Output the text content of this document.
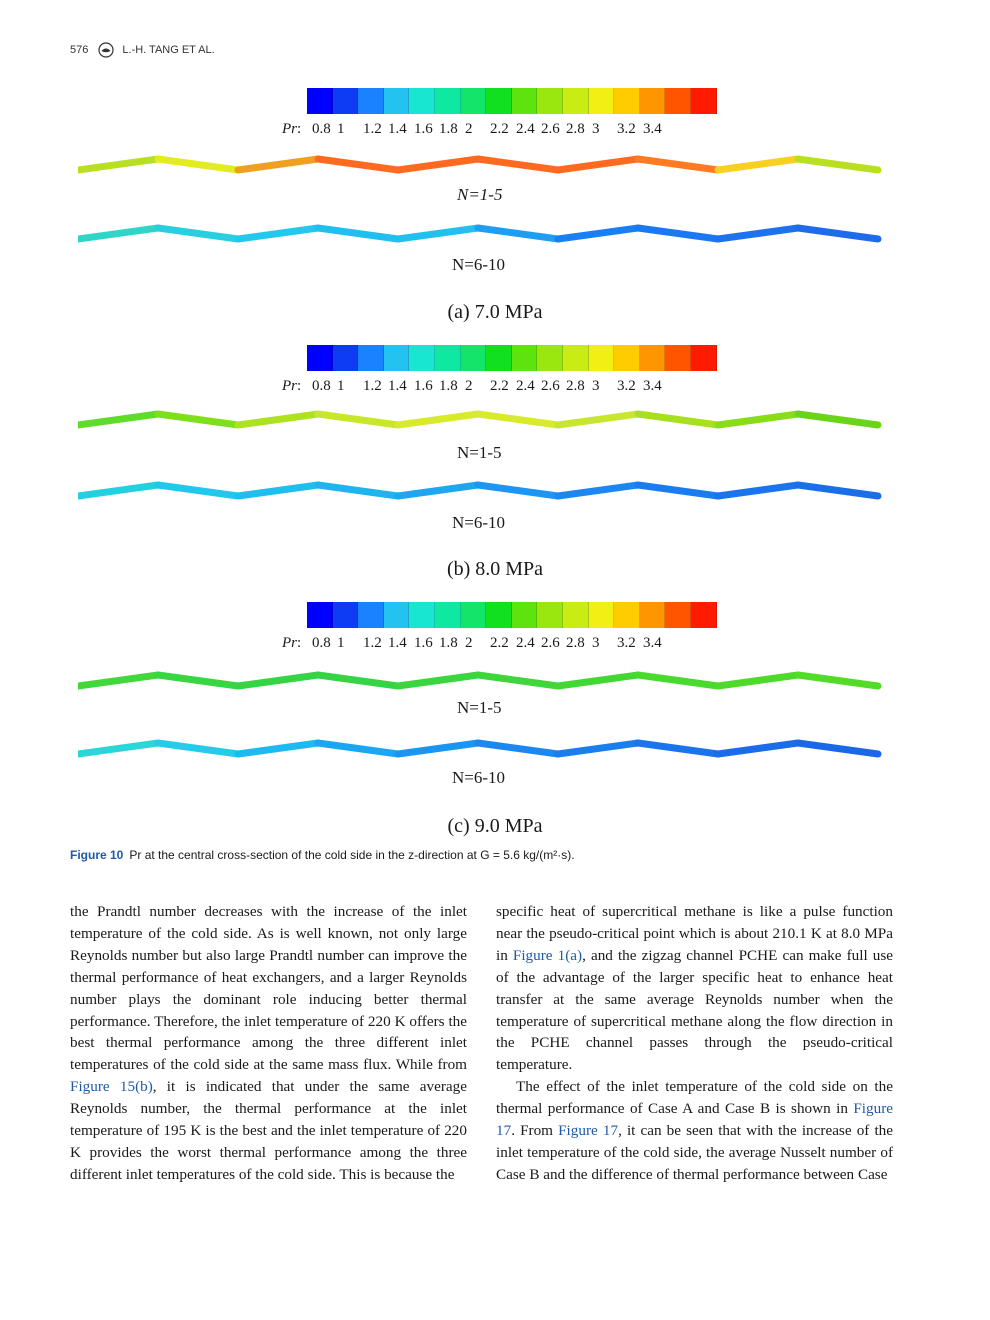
576	L.-H. TANG ET AL.
Pr: 0.8 1 1.2 1.4 1.6 1.8 2 2.2 2.4 2.6 2.8 3 3.2 3.4
N=1-5
N=6-10
(a) 7.0 MPa
Pr: 0.8 1 1.2 1.4 1.6 1.8 2 2.2 2.4 2.6 2.8 3 3.2 3.4
N=1-5
N=6-10
(b) 8.0 MPa
Pr: 0.8 1 1.2 1.4 1.6 1.8 2 2.2 2.4 2.6 2.8 3 3.2 3.4
N=1-5
N=6-10
(c) 9.0 MPa
Figure 10 Pr at the central cross-section of the cold side in the z-direction at G = 5.6 kg/(m²·s).

the Prandtl number decreases with the increase of the inlet temperature of the cold side. As is well known, not only large Reynolds number but also large Prandtl number can improve the thermal performance of heat exchangers, and a larger Reynolds number plays the dominant role inducing better thermal performance. Therefore, the inlet temperature of 220 K offers the best thermal performance among the three different inlet temperatures of the cold side at the same mass flux. While from Figure 15(b), it is indicated that under the same average Reynolds number, the thermal performance at the inlet temperature of 195 K is the best and the inlet temperature of 220 K provides the worst thermal performance among the three different inlet temperatures of the cold side. This is because the

specific heat of supercritical methane is like a pulse function near the pseudo-critical point which is about 210.1 K at 8.0 MPa in Figure 1(a), and the zigzag channel PCHE can make full use of the advantage of the larger specific heat to enhance heat transfer at the same average Reynolds number when the temperature of supercritical methane along the flow direction in the PCHE channel passes through the pseudo-critical temperature.

The effect of the inlet temperature of the cold side on the thermal performance of Case A and Case B is shown in Figure 17. From Figure 17, it can be seen that with the increase of the inlet temperature of the cold side, the average Nusselt number of Case B and the difference of thermal performance between Case
